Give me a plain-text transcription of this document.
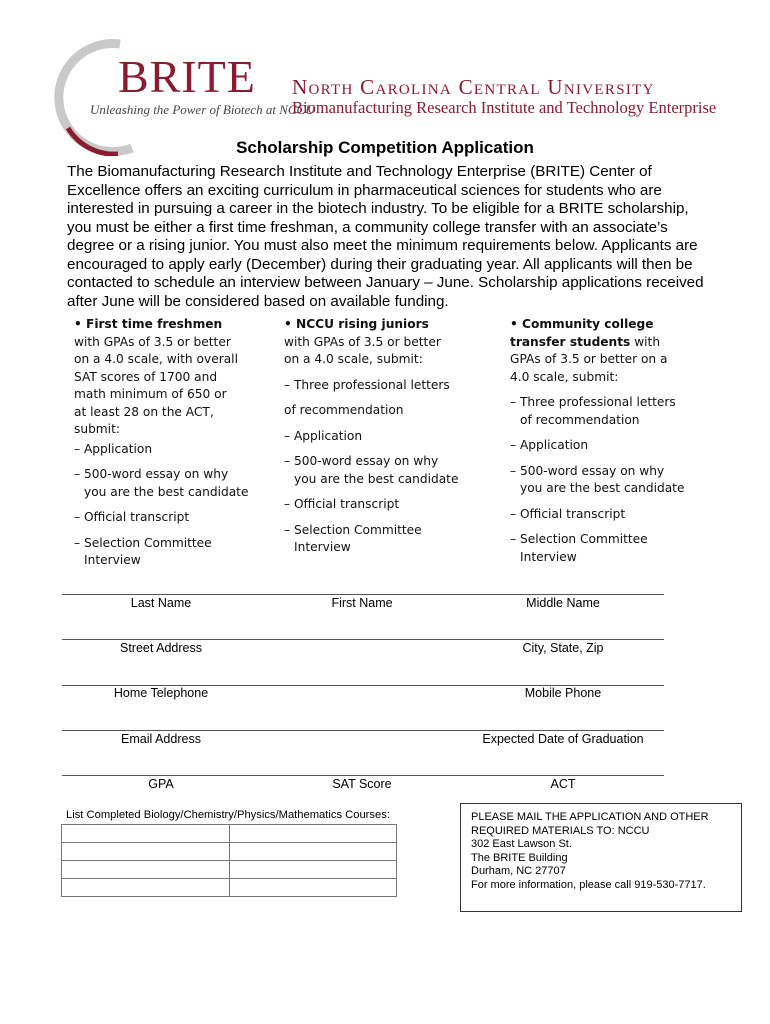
BRITE
Unleashing the Power of Biotech at NCCU
North Carolina Central University
Biomanufacturing Research Institute and Technology Enterprise
Scholarship Competition Application
The Biomanufacturing Research Institute and Technology Enterprise (BRITE) Center of Excellence offers an exciting curriculum in pharmaceutical sciences for students who are interested in pursuing a career in the biotech industry. To be eligible for a BRITE scholarship, you must be either a first time freshman, a community college transfer with an associate’s degree or a rising junior. You must also meet the minimum requirements below. Applicants are encouraged to apply early (December) during their graduating year. All applicants will then be contacted to schedule an interview between January – June. Scholarship applications received after June will be considered based on available funding.
• First time freshmen
with GPAs of 3.5 or better
on a 4.0 scale, with overall
SAT scores of 1700 and
math minimum of 650 or
at least 28 on the ACT,
submit:
– Application
– 500-word essay on why
you are the best candidate
– Official transcript
– Selection Committee
Interview
• NCCU rising juniors
with GPAs of 3.5 or better
on a 4.0 scale, submit:
– Three professional letters
of recommendation
– Application
– 500-word essay on why
you are the best candidate
– Official transcript
– Selection Committee
Interview
• Community college
transfer students with
GPAs of 3.5 or better on a
4.0 scale, submit:
– Three professional letters
of recommendation
– Application
– 500-word essay on why
you are the best candidate
– Official transcript
– Selection Committee
Interview
Last Name	First Name	Middle Name
Street Address	City, State, Zip
Home Telephone	Mobile Phone
Email Address	Expected Date of Graduation
GPA	SAT Score	ACT
List Completed Biology/Chemistry/Physics/Mathematics Courses:

		PLEASE MAIL THE APPLICATION AND OTHER
REQUIRED MATERIALS TO: NCCU
302 East Lawson St.
The BRITE Building
Durham, NC 27707
For more information, please call 919-530-7717.
